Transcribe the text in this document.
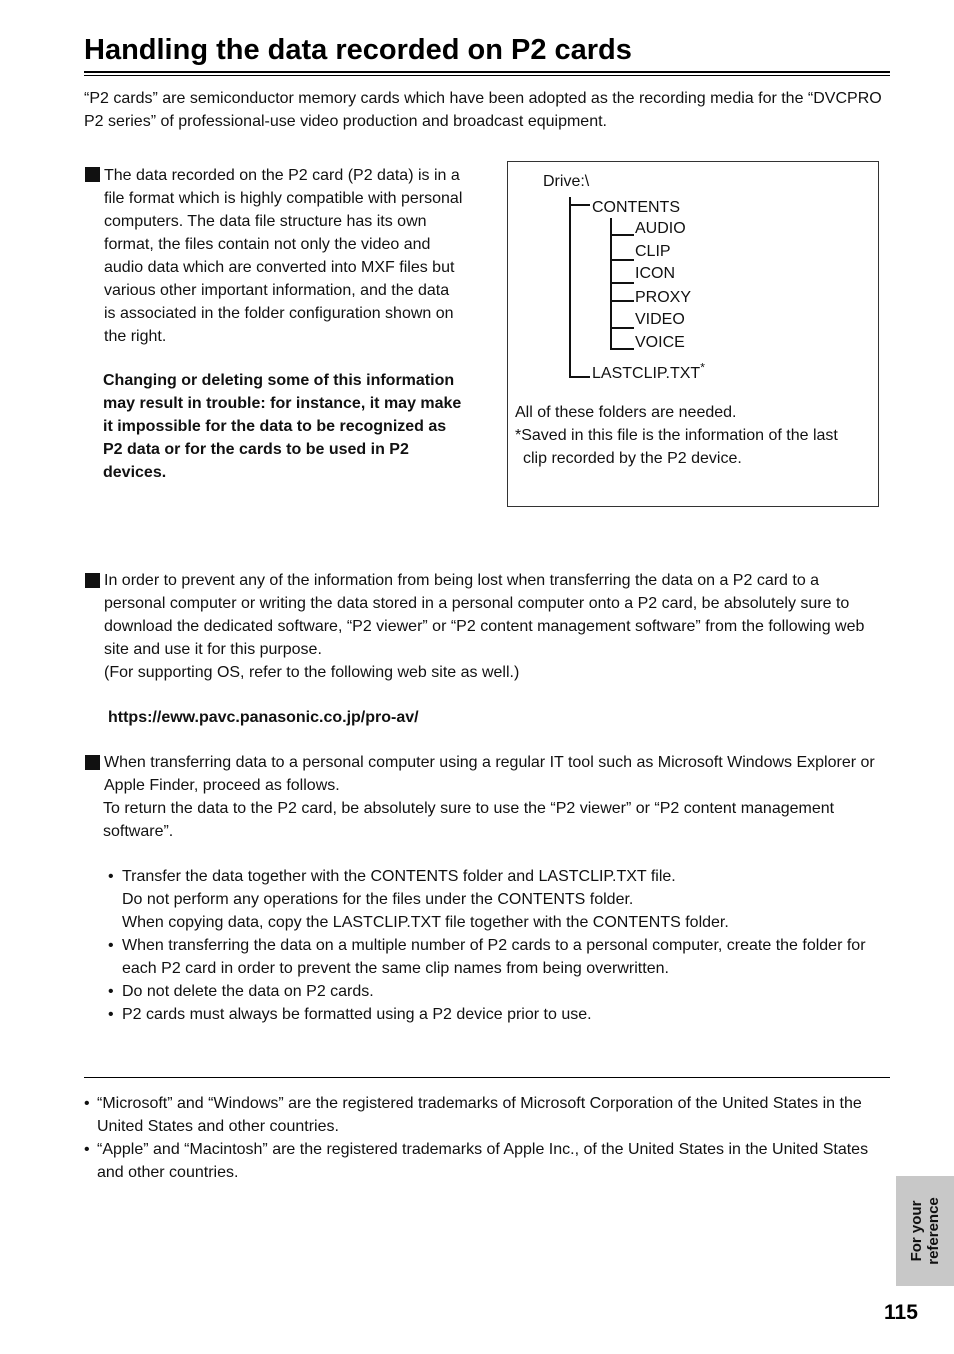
Handling the data recorded on P2 cards
“P2 cards” are semiconductor memory cards which have been adopted as the recording media for the “DVCPRO P2 series” of professional-use video production and broadcast equipment.
The data recorded on the P2 card (P2 data) is in a file format which is highly compatible with personal computers. The data file structure has its own format, the files contain not only the video and audio data which are converted into MXF files but various other important information, and the data is associated in the folder configuration shown on the right.
Changing or deleting some of this information may result in trouble: for instance, it may make it impossible for the data to be recognized as P2 data or for the cards to be used in P2 devices.
Drive:\
CONTENTS
AUDIO
CLIP
ICON
PROXY
VIDEO
VOICE
LASTCLIP.TXT*
All of these folders are needed.
*Saved in this file is the information of the last
clip recorded by the P2 device.
In order to prevent any of the information from being lost when transferring the data on a P2 card to a personal computer or writing the data stored in a personal computer onto a P2 card, be absolutely sure to download the dedicated software, “P2 viewer” or “P2 content management software” from the following web site and use it for this purpose.
(For supporting OS, refer to the following web site as well.)
https://eww.pavc.panasonic.co.jp/pro-av/
When transferring data to a personal computer using a regular IT tool such as Microsoft Windows Explorer or Apple Finder, proceed as follows.
To return the data to the P2 card, be absolutely sure to use the “P2 viewer” or “P2 content management software”.
• Transfer the data together with the CONTENTS folder and LASTCLIP.TXT file.
Do not perform any operations for the files under the CONTENTS folder.
When copying data, copy the LASTCLIP.TXT file together with the CONTENTS folder.
• When transferring the data on a multiple number of P2 cards to a personal computer, create the folder for each P2 card in order to prevent the same clip names from being overwritten.
• Do not delete the data on P2 cards.
• P2 cards must always be formatted using a P2 device prior to use.
• “Microsoft” and “Windows” are the registered trademarks of Microsoft Corporation of the United States in the United States and other countries.
• “Apple” and “Macintosh” are the registered trademarks of Apple Inc., of the United States in the United States and other countries.
For your reference
115
